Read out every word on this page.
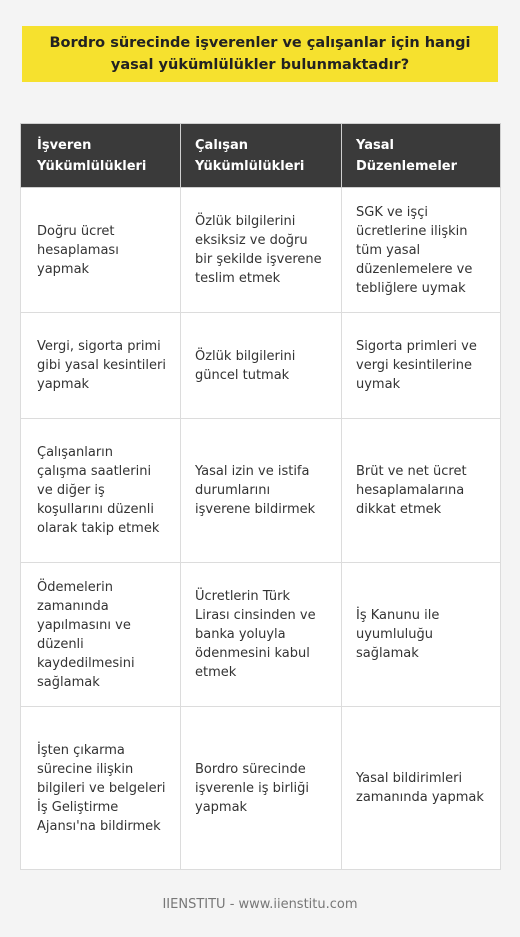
Bordro sürecinde işverenler ve çalışanlar için hangi yasal yükümlülükler bulunmaktadır?
İşveren Yükümlülükleri	Çalışan Yükümlülükleri	Yasal Düzenlemeler
Doğru ücret hesaplaması yapmak	Özlük bilgilerini eksiksiz ve doğru bir şekilde işverene teslim etmek	SGK ve işçi ücretlerine ilişkin tüm yasal düzenlemelere ve tebliğlere uymak
Vergi, sigorta primi gibi yasal kesintileri yapmak	Özlük bilgilerini güncel tutmak	Sigorta primleri ve vergi kesintilerine uymak
Çalışanların çalışma saatlerini ve diğer iş koşullarını düzenli olarak takip etmek	Yasal izin ve istifa durumlarını işverene bildirmek	Brüt ve net ücret hesaplamalarına dikkat etmek
Ödemelerin zamanında yapılmasını ve düzenli kaydedilmesini sağlamak	Ücretlerin Türk Lirası cinsinden ve banka yoluyla ödenmesini kabul etmek	İş Kanunu ile uyumluluğu sağlamak
İşten çıkarma sürecine ilişkin bilgileri ve belgeleri İş Geliştirme Ajansı'na bildirmek	Bordro sürecinde işverenle iş birliği yapmak	Yasal bildirimleri zamanında yapmak
IIENSTITU - www.iienstitu.com
